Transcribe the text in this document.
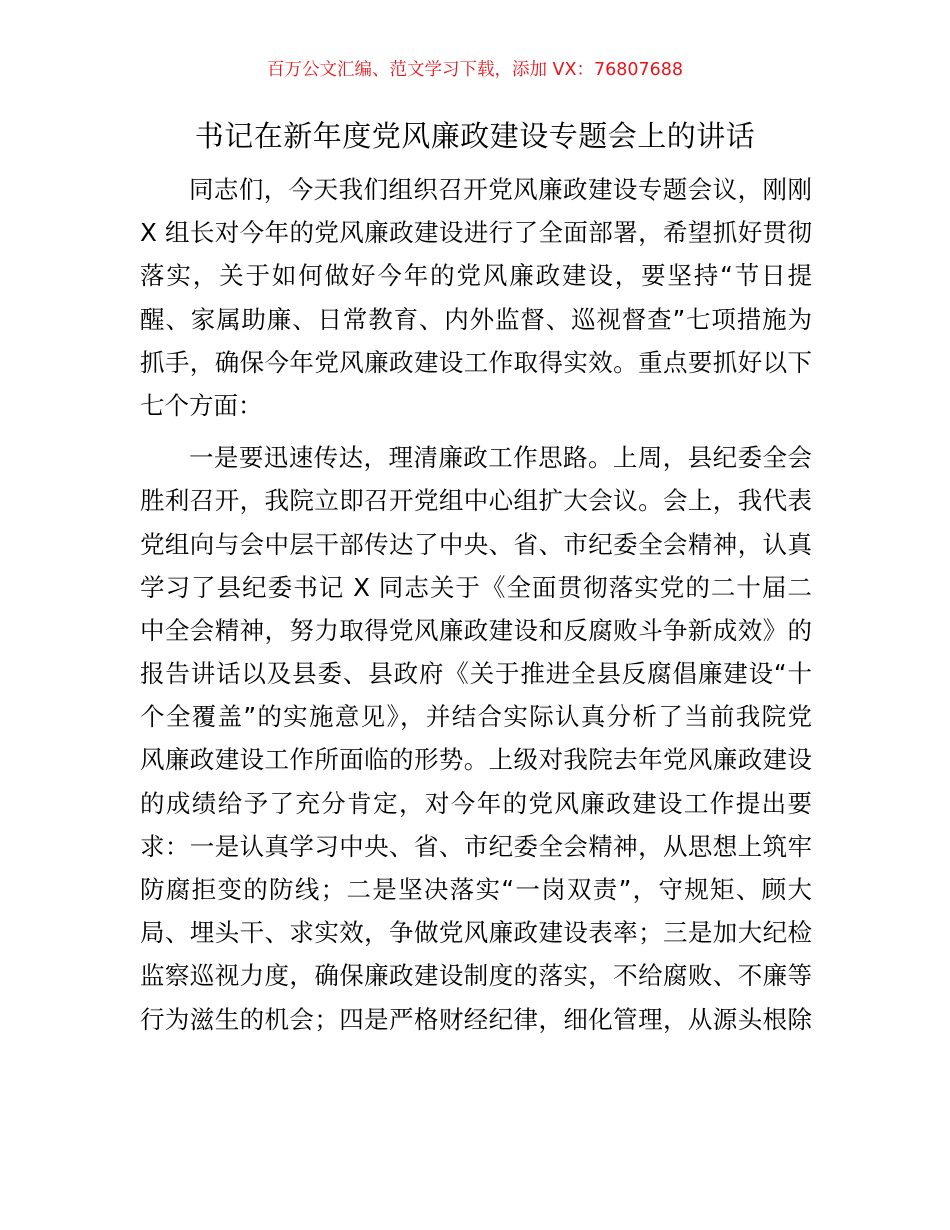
百万公文汇编、范文学习下载，添加 VX：76807688
书记在新年度党风廉政建设专题会上的讲话
同志们，今天我们组织召开党风廉政建设专题会议，刚刚
X 组长对今年的党风廉政建设进行了全面部署，希望抓好贯彻
落实，关于如何做好今年的党风廉政建设，要坚持“节日提
醒、家属助廉、日常教育、内外监督、巡视督查”七项措施为
抓手，确保今年党风廉政建设工作取得实效。重点要抓好以下
七个方面：
一是要迅速传达，理清廉政工作思路。上周，县纪委全会
胜利召开，我院立即召开党组中心组扩大会议。会上，我代表
党组向与会中层干部传达了中央、省、市纪委全会精神，认真
学习了县纪委书记 X 同志关于《全面贯彻落实党的二十届二
中全会精神，努力取得党风廉政建设和反腐败斗争新成效》的
报告讲话以及县委、县政府《关于推进全县反腐倡廉建设“十
个全覆盖”的实施意见》，并结合实际认真分析了当前我院党
风廉政建设工作所面临的形势。上级对我院去年党风廉政建设
的成绩给予了充分肯定，对今年的党风廉政建设工作提出要
求：一是认真学习中央、省、市纪委全会精神，从思想上筑牢
防腐拒变的防线；二是坚决落实“一岗双责”，守规矩、顾大
局、埋头干、求实效，争做党风廉政建设表率；三是加大纪检
监察巡视力度，确保廉政建设制度的落实，不给腐败、不廉等
行为滋生的机会；四是严格财经纪律，细化管理，从源头根除
